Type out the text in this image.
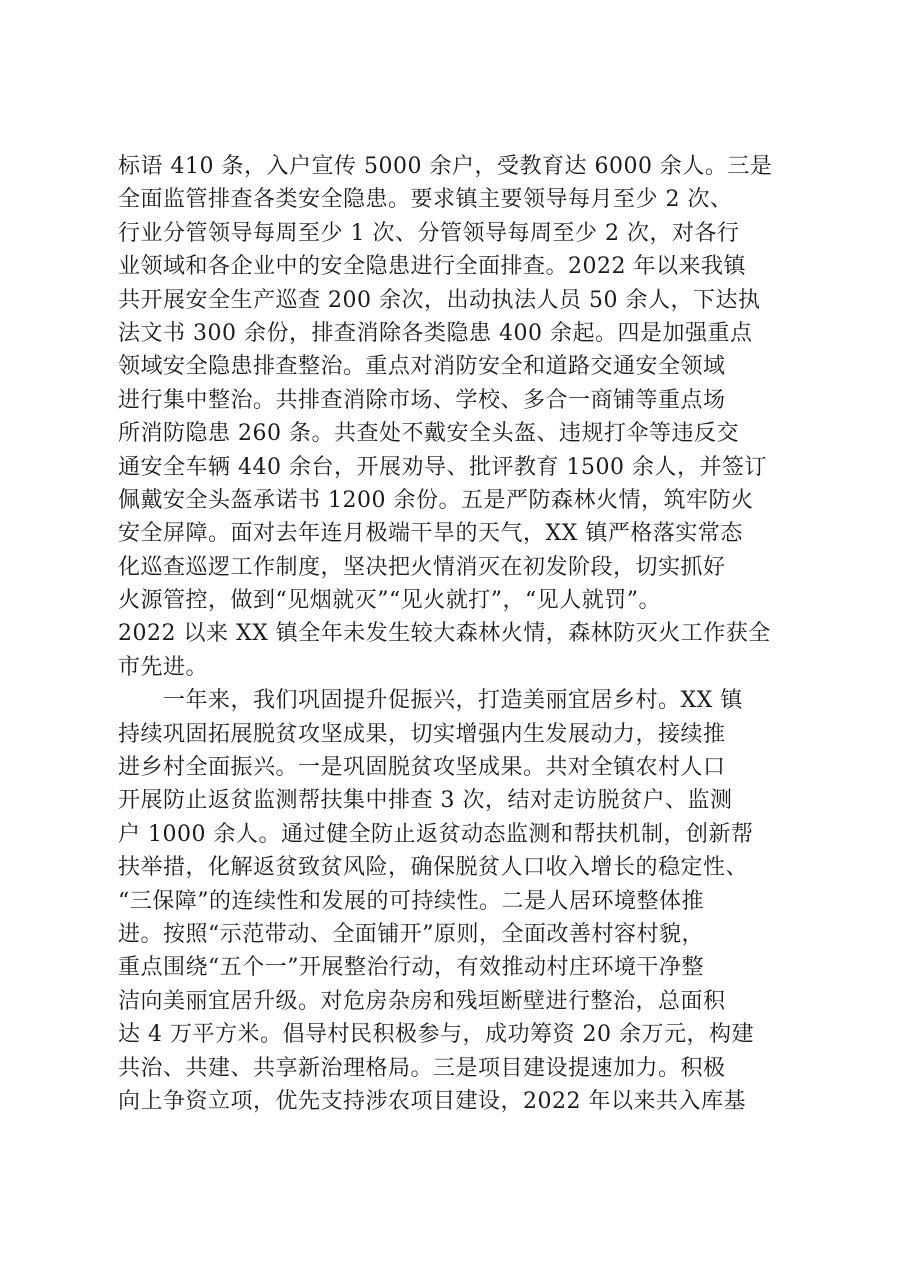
标语 410 条，入户宣传 5000 余户，受教育达 6000 余人。三是
全面监管排查各类安全隐患。要求镇主要领导每月至少 2 次、
行业分管领导每周至少 1 次、分管领导每周至少 2 次，对各行
业领域和各企业中的安全隐患进行全面排查。2022 年以来我镇
共开展安全生产巡查 200 余次，出动执法人员 50 余人，下达执
法文书 300 余份，排查消除各类隐患 400 余起。四是加强重点
领域安全隐患排查整治。重点对消防安全和道路交通安全领域
进行集中整治。共排查消除市场、学校、多合一商铺等重点场
所消防隐患 260 条。共查处不戴安全头盔、违规打伞等违反交
通安全车辆 440 余台，开展劝导、批评教育 1500 余人，并签订
佩戴安全头盔承诺书 1200 余份。五是严防森林火情，筑牢防火
安全屏障。面对去年连月极端干旱的天气，XX 镇严格落实常态
化巡查巡逻工作制度，坚决把火情消灭在初发阶段，切实抓好
火源管控，做到“见烟就灭”“见火就打”，“见人就罚”。
2022 以来 XX 镇全年未发生较大森林火情，森林防灭火工作获全
市先进。
　　一年来，我们巩固提升促振兴，打造美丽宜居乡村。XX 镇
持续巩固拓展脱贫攻坚成果，切实增强内生发展动力，接续推
进乡村全面振兴。一是巩固脱贫攻坚成果。共对全镇农村人口
开展防止返贫监测帮扶集中排查 3 次，结对走访脱贫户、监测
户 1000 余人。通过健全防止返贫动态监测和帮扶机制，创新帮
扶举措，化解返贫致贫风险，确保脱贫人口收入增长的稳定性、
“三保障”的连续性和发展的可持续性。二是人居环境整体推
进。按照“示范带动、全面铺开”原则，全面改善村容村貌，
重点围绕“五个一”开展整治行动，有效推动村庄环境干净整
洁向美丽宜居升级。对危房杂房和残垣断壁进行整治，总面积
达 4 万平方米。倡导村民积极参与，成功筹资 20 余万元，构建
共治、共建、共享新治理格局。三是项目建设提速加力。积极
向上争资立项，优先支持涉农项目建设，2022 年以来共入库基
